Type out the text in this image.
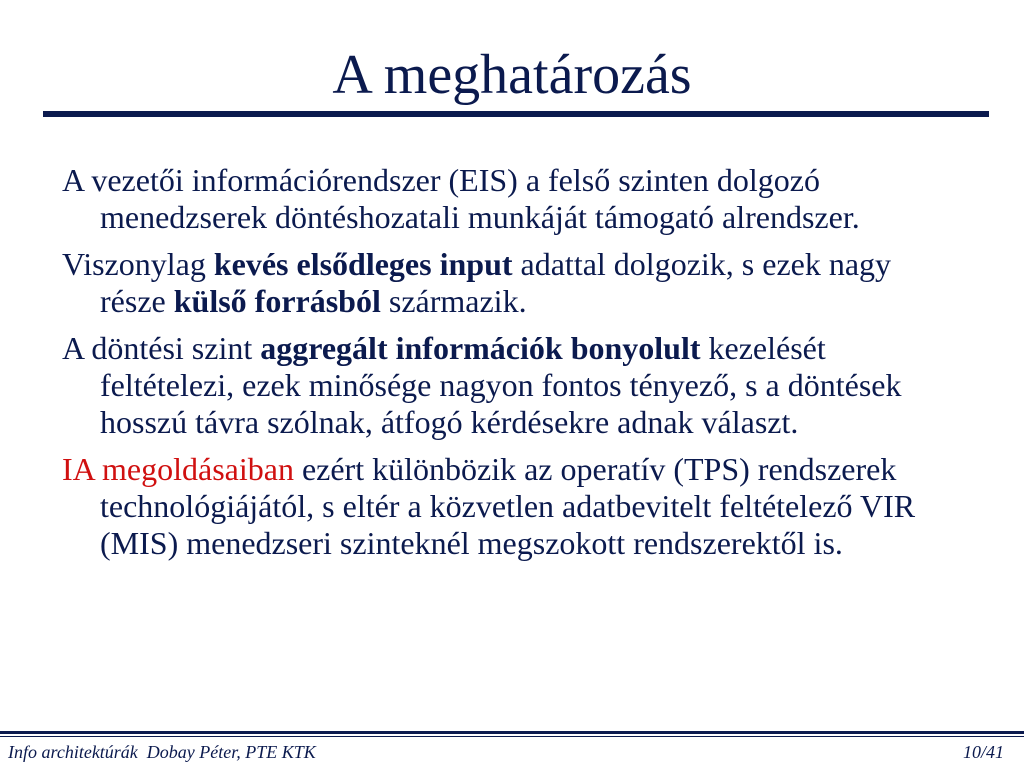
A meghatározás

A vezetői információrendszer (EIS) a felső szinten dolgozó menedzserek döntéshozatali munkáját támogató alrendszer.

Viszonylag kevés elsődleges input adattal dolgozik, s ezek nagy része külső forrásból származik.

A döntési szint aggregált információk bonyolult kezelését feltételezi, ezek minősége nagyon fontos tényező, s a döntések hosszú távra szólnak, átfogó kérdésekre adnak választ.

IA megoldásaiban ezért különbözik az operatív (TPS) rendszerek technológiájától, s eltér a közvetlen adatbevitelt feltételező VIR (MIS) menedzseri szinteknél megszokott rendszerektől is.

Info architektúrák  Dobay Péter, PTE KTK	10/41
